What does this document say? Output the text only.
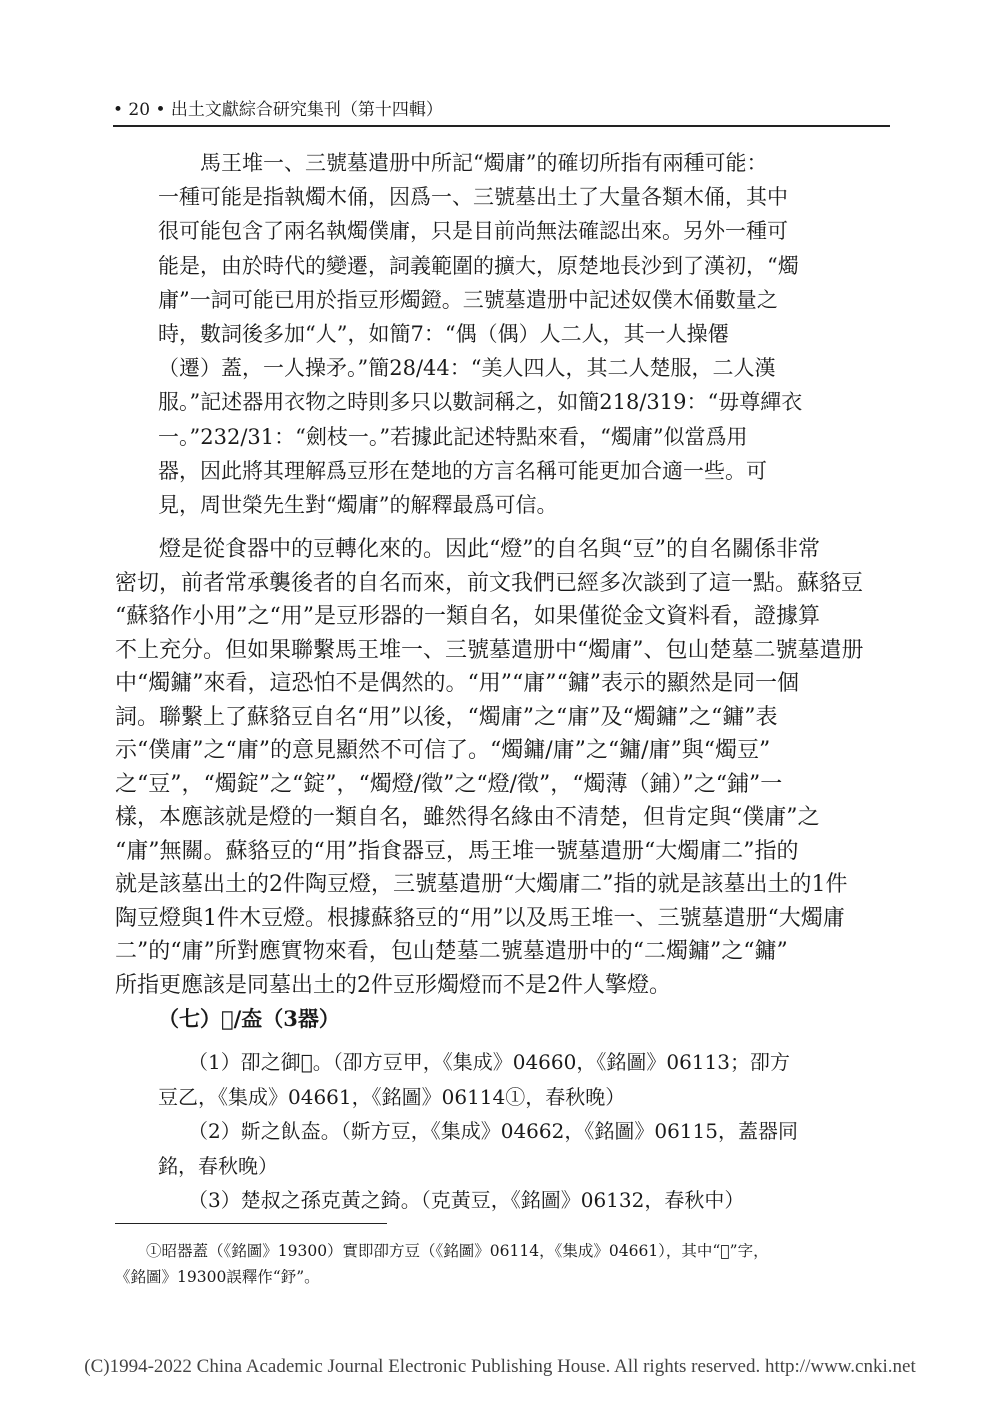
• 20 • 出土文獻綜合研究集刊（第十四輯）

　　馬王堆一、三號墓遣册中所記“燭庸”的確切所指有兩種可能：

一種可能是指執燭木俑，因爲一、三號墓出土了大量各類木俑，其中

很可能包含了兩名執燭僕庸，只是目前尚無法確認出來。另外一種可

能是，由於時代的變遷，詞義範圍的擴大，原楚地長沙到了漢初，“燭

庸”一詞可能已用於指豆形燭鐙。三號墓遣册中記述奴僕木俑數量之

時，數詞後多加“人”，如簡7：“偶（偶）人二人，其一人操僊

（遷）蓋，一人操矛。”簡28/44：“美人四人，其二人楚服，二人漢

服。”記述器用衣物之時則多只以數詞稱之，如簡218/319：“毋尊繟衣

一。”232/31：“劍枝一。”若據此記述特點來看，“燭庸”似當爲用

器，因此將其理解爲豆形在楚地的方言名稱可能更加合適一些。可

見，周世榮先生對“燭庸”的解釋最爲可信。

　　燈是從食器中的豆轉化來的。因此“燈”的自名與“豆”的自名關係非常

密切，前者常承襲後者的自名而來，前文我們已經多次談到了這一點。蘇貉豆

“蘇貉作小用”之“用”是豆形器的一類自名，如果僅從金文資料看，證據算

不上充分。但如果聯繫馬王堆一、三號墓遣册中“燭庸”、包山楚墓二號墓遣册

中“燭鏞”來看，這恐怕不是偶然的。“用”“庸”“鏞”表示的顯然是同一個

詞。聯繫上了蘇貉豆自名“用”以後，“燭庸”之“庸”及“燭鏞”之“鏞”表

示“僕庸”之“庸”的意見顯然不可信了。“燭鏞/庸”之“鏞/庸”與“燭豆”

之“豆”，“燭錠”之“錠”，“燭燈/徵”之“燈/徵”，“燭薄（鋪）”之“鋪”一

樣，本應該就是燈的一類自名，雖然得名緣由不清楚，但肯定與“僕庸”之

“庸”無關。蘇貉豆的“用”指食器豆，馬王堆一號墓遣册“大燭庸二”指的

就是該墓出土的2件陶豆燈，三號墓遣册“大燭庸二”指的就是該墓出土的1件

陶豆燈與1件木豆燈。根據蘇貉豆的“用”以及馬王堆一、三號墓遣册“大燭庸

二”的“庸”所對應實物來看，包山楚墓二號墓遣册中的“二燭鏞”之“鏞”

所指更應該是同墓出土的2件豆形燭燈而不是2件人擎燈。

（七）𨥶/盇（3器）

　　（1）卲之御𨥶。（卲方豆甲，《集成》04660，《銘圖》06113；卲方

豆乙，《集成》04661，《銘圖》06114①，春秋晚）

　　（2）㪿之飤盇。（㪿方豆，《集成》04662，《銘圖》06115，蓋器同

銘，春秋晚）

　　（3）楚叔之孫克黃之錡。（克黃豆，《銘圖》06132，春秋中）

　　①昭器蓋（《銘圖》19300）實即卲方豆（《銘圖》06114，《集成》04661），其中“𨥶”字，

《銘圖》19300誤釋作“𨥤”。

(C)1994-2022 China Academic Journal Electronic Publishing House. All rights reserved. http://www.cnki.net
